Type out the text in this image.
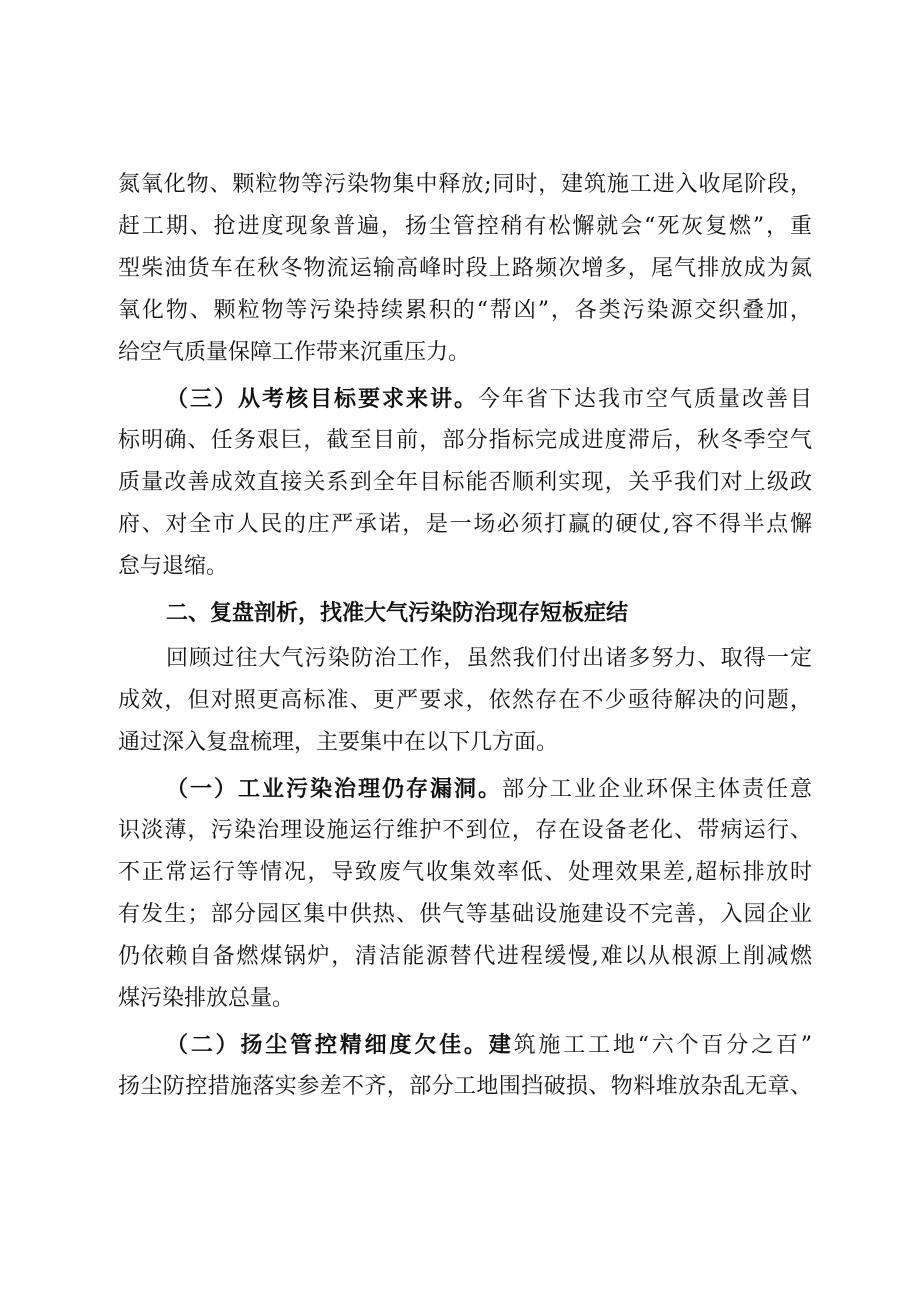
氮氧化物、颗粒物等污染物集中释放;同时，建筑施工进入收尾阶段，
赶工期、抢进度现象普遍，扬尘管控稍有松懈就会“死灰复燃”，重
型柴油货车在秋冬物流运输高峰时段上路频次增多，尾气排放成为氮
氧化物、颗粒物等污染持续累积的“帮凶”，各类污染源交织叠加，
给空气质量保障工作带来沉重压力。
（三）从考核目标要求来讲。今年省下达我市空气质量改善目
标明确、任务艰巨，截至目前，部分指标完成进度滞后，秋冬季空气
质量改善成效直接关系到全年目标能否顺利实现，关乎我们对上级政
府、对全市人民的庄严承诺，是一场必须打赢的硬仗,容不得半点懈
怠与退缩。
二、复盘剖析，找准大气污染防治现存短板症结
回顾过往大气污染防治工作，虽然我们付出诸多努力、取得一定
成效，但对照更高标准、更严要求，依然存在不少亟待解决的问题，
通过深入复盘梳理，主要集中在以下几方面。
（一）工业污染治理仍存漏洞。部分工业企业环保主体责任意
识淡薄，污染治理设施运行维护不到位，存在设备老化、带病运行、
不正常运行等情况，导致废气收集效率低、处理效果差,超标排放时
有发生；部分园区集中供热、供气等基础设施建设不完善，入园企业
仍依赖自备燃煤锅炉，清洁能源替代进程缓慢,难以从根源上削减燃
煤污染排放总量。
（二）扬尘管控精细度欠佳。建筑施工工地“六个百分之百”
扬尘防控措施落实参差不齐，部分工地围挡破损、物料堆放杂乱无章、
